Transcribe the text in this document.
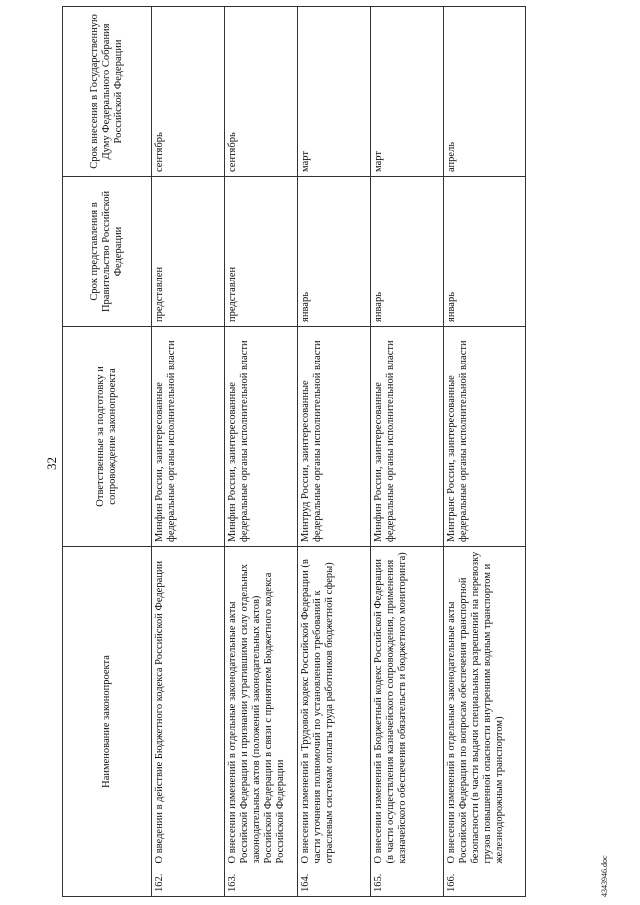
32
Наименование законопроекта		Ответственные за подготовку и сопровождение законопроекта	Срок представления в Правительство Российской Федерации	Срок внесения в Государственную Думу Федерального Собрания Российской Федерации
162.	О введении в действие Бюджетного кодекса Российской Федерации	Минфин России, заинтересованные федеральные органы исполнительной власти	представлен	сентябрь
163.	О внесении изменений в отдельные законодательные акты Российской Федерации и признании утратившими силу отдельных законодательных актов (положений законодательных актов) Российской Федерации в связи с принятием Бюджетного кодекса Российской Федерации	Минфин России, заинтересованные федеральные органы исполнительной власти	представлен	сентябрь
164.	О внесении изменений в Трудовой кодекс Российской Федерации (в части уточнения полномочий по установлению требований к отраслевым системам оплаты труда работников бюджетной сферы)	Минтруд России, заинтересованные федеральные органы исполнительной власти	январь	март
165.	О внесении изменений в Бюджетный кодекс Российской Федерации (в части осуществления казначейского сопровождения, применения казначейского обеспечения обязательств и бюджетного мониторинга)	Минфин России, заинтересованные федеральные органы исполнительной власти	январь	март
166.	О внесении изменений в отдельные законодательные акты Российской Федерации по вопросам обеспечения транспортной безопасности (в части выдачи специальных разрешений на перевозку грузов повышенной опасности внутренним водным транспортом и железнодорожным транспортом)	Минтранс России, заинтересованные федеральные органы исполнительной власти	январь	апрель
4343946.doc
